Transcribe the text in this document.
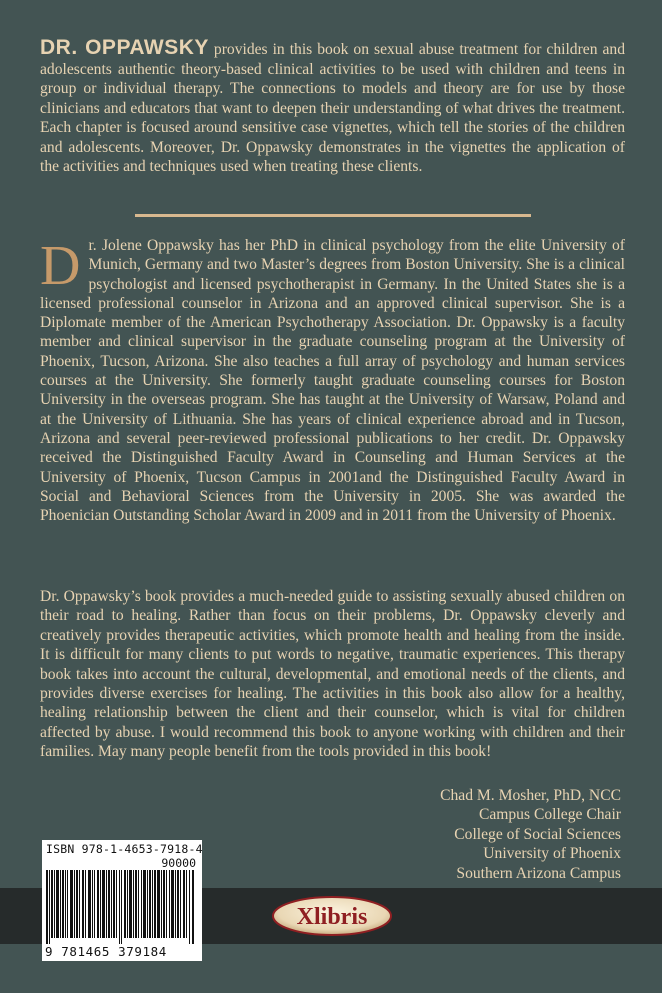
DR. OPPAWSKY provides in this book on sexual abuse treatment for children and adolescents authentic theory-based clinical activities to be used with children and teens in group or individual therapy. The connections to models and theory are for use by those clinicians and educators that want to deepen their understanding of what drives the treatment. Each chapter is focused around sensitive case vignettes, which tell the stories of the children and adolescents. Moreover, Dr. Oppawsky demonstrates in the vignettes the application of the activities and techniques used when treating these clients.
Dr. Jolene Oppawsky has her PhD in clinical psychology from the elite University of Munich, Germany and two Master’s degrees from Boston University. She is a clinical psychologist and licensed psychotherapist in Germany. In the United States she is a licensed professional counselor in Arizona and an approved clinical supervisor. She is a Diplomate member of the American Psychotherapy Association. Dr. Oppawsky is a faculty member and clinical supervisor in the graduate counseling program at the University of Phoenix, Tucson, Arizona. She also teaches a full array of psychology and human services courses at the University. She formerly taught graduate counseling courses for Boston University in the overseas program. She has taught at the University of Warsaw, Poland and at the University of Lithuania. She has years of clinical experience abroad and in Tucson, Arizona and several peer-reviewed professional publications to her credit. Dr. Oppawsky received the Distinguished Faculty Award in Counseling and Human Services at the University of Phoenix, Tucson Campus in 2001and the Distinguished Faculty Award in Social and Behavioral Sciences from the University in 2005. She was awarded the Phoenician Outstanding Scholar Award in 2009 and in 2011 from the University of Phoenix.
Dr. Oppawsky’s book provides a much-needed guide to assisting sexually abused children on their road to healing. Rather than focus on their problems, Dr. Oppawsky cleverly and creatively provides therapeutic activities, which promote health and healing from the inside. It is difficult for many clients to put words to negative, traumatic experiences. This therapy book takes into account the cultural, developmental, and emotional needs of the clients, and provides diverse exercises for healing. The activities in this book also allow for a healthy, healing relationship between the client and their counselor, which is vital for children affected by abuse. I would recommend this book to anyone working with children and their families. May many people benefit from the tools provided in this book!
Chad M. Mosher, PhD, NCC
Campus College Chair
College of Social Sciences
University of Phoenix
Southern Arizona Campus
Xlibris
ISBN 978-1-4653-7918-4
90000
9 781465 379184
